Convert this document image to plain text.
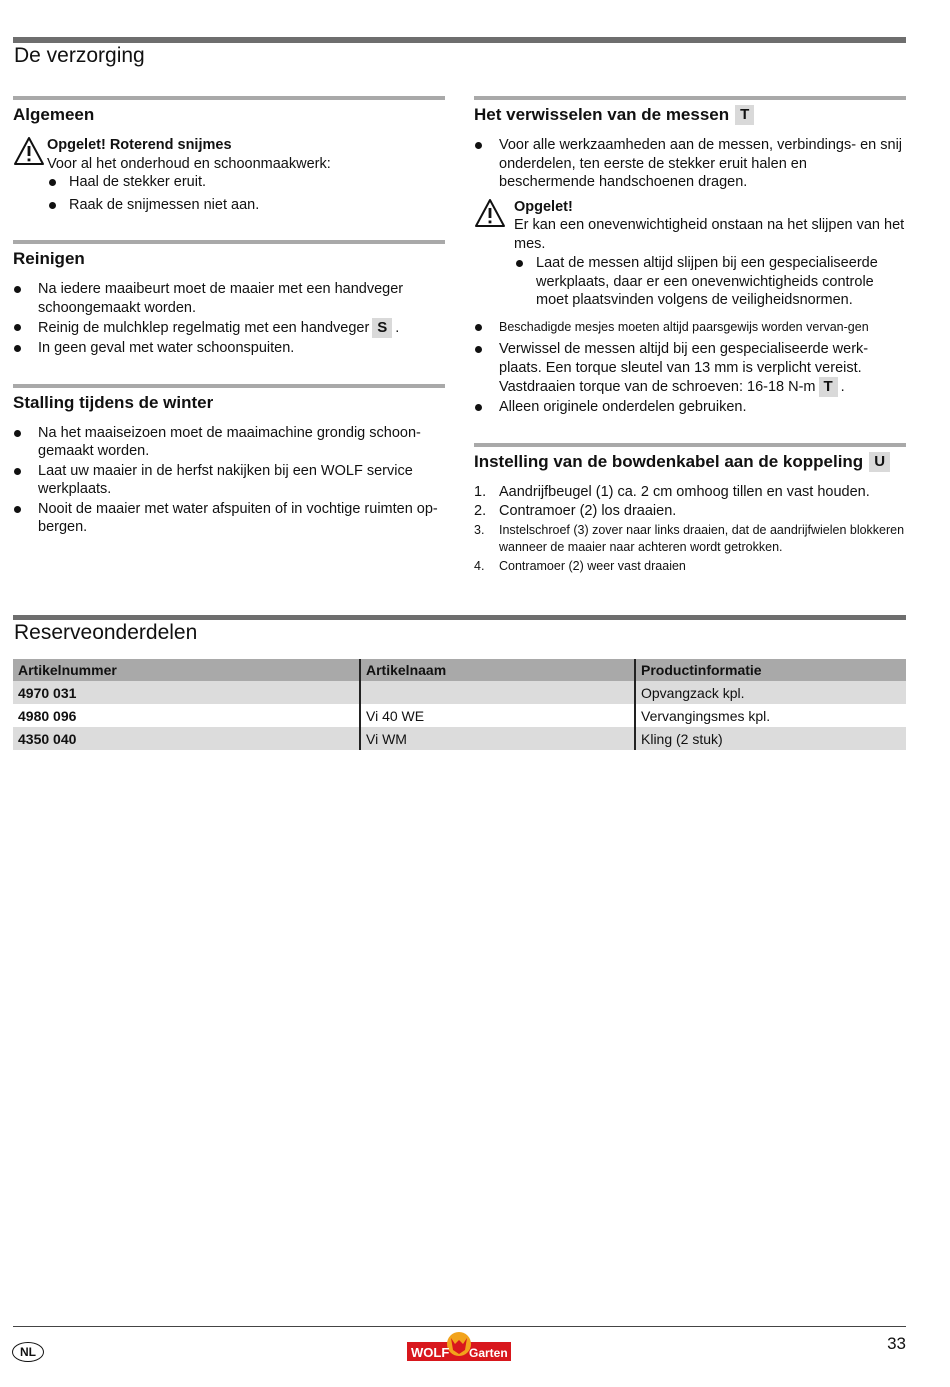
De verzorging
Algemeen
Opgelet! Roterend snijmes
Voor al het onderhoud en schoonmaakwerk:
Haal de stekker eruit.
Raak de snijmessen niet aan.
Reinigen
Na iedere maaibeurt moet de maaier met een handveger schoongemaakt worden.
Reinig de mulchklep regelmatig met een handveger S .
In geen geval met water schoonspuiten.
Stalling tijdens de winter
Na het maaiseizoen moet de maaimachine grondig schoon-gemaakt worden.
Laat uw maaier in de herfst nakijken bij een WOLF service werkplaats.
Nooit de maaier met water afspuiten of in vochtige ruimten op-bergen.
Het verwisselen van de messen T
Voor alle werkzaamheden aan de messen, verbindings- en snij onderdelen, ten eerste de stekker eruit halen en beschermende handschoenen dragen.
Opgelet!
Er kan een onevenwichtigheid onstaan na het slijpen van het mes.
Laat de messen altijd slijpen bij een gespecialiseerde werkplaats, daar er een onevenwichtigheids controle moet plaatsvinden volgens de veiligheidsnormen.
Beschadigde mesjes moeten altijd paarsgewijs worden vervan-gen
Verwissel de messen altijd bij een gespecialiseerde werk-plaats. Een torque sleutel van 13 mm is verplicht vereist. Vastdraaien torque van de schroeven: 16-18 N-m T .
Alleen originele onderdelen gebruiken.
Instelling van de bowdenkabel aan de koppeling U
1. Aandrijfbeugel (1) ca. 2 cm omhoog tillen en vast houden.
2. Contramoer (2) los draaien.
3. Instelschroef (3) zover naar links draaien, dat de aandrijfwielen blokkeren wanneer de maaier naar achteren wordt getrokken.
4. Contramoer (2) weer vast draaien
Reserveonderdelen
Artikelnummer	Artikelnaam	Productinformatie
4970 031		Opvangzack kpl.
4980 096	Vi 40 WE	Vervangingsmes kpl.
4350 040	Vi WM	Kling (2 stuk)
NL	WOLF Garten	33
